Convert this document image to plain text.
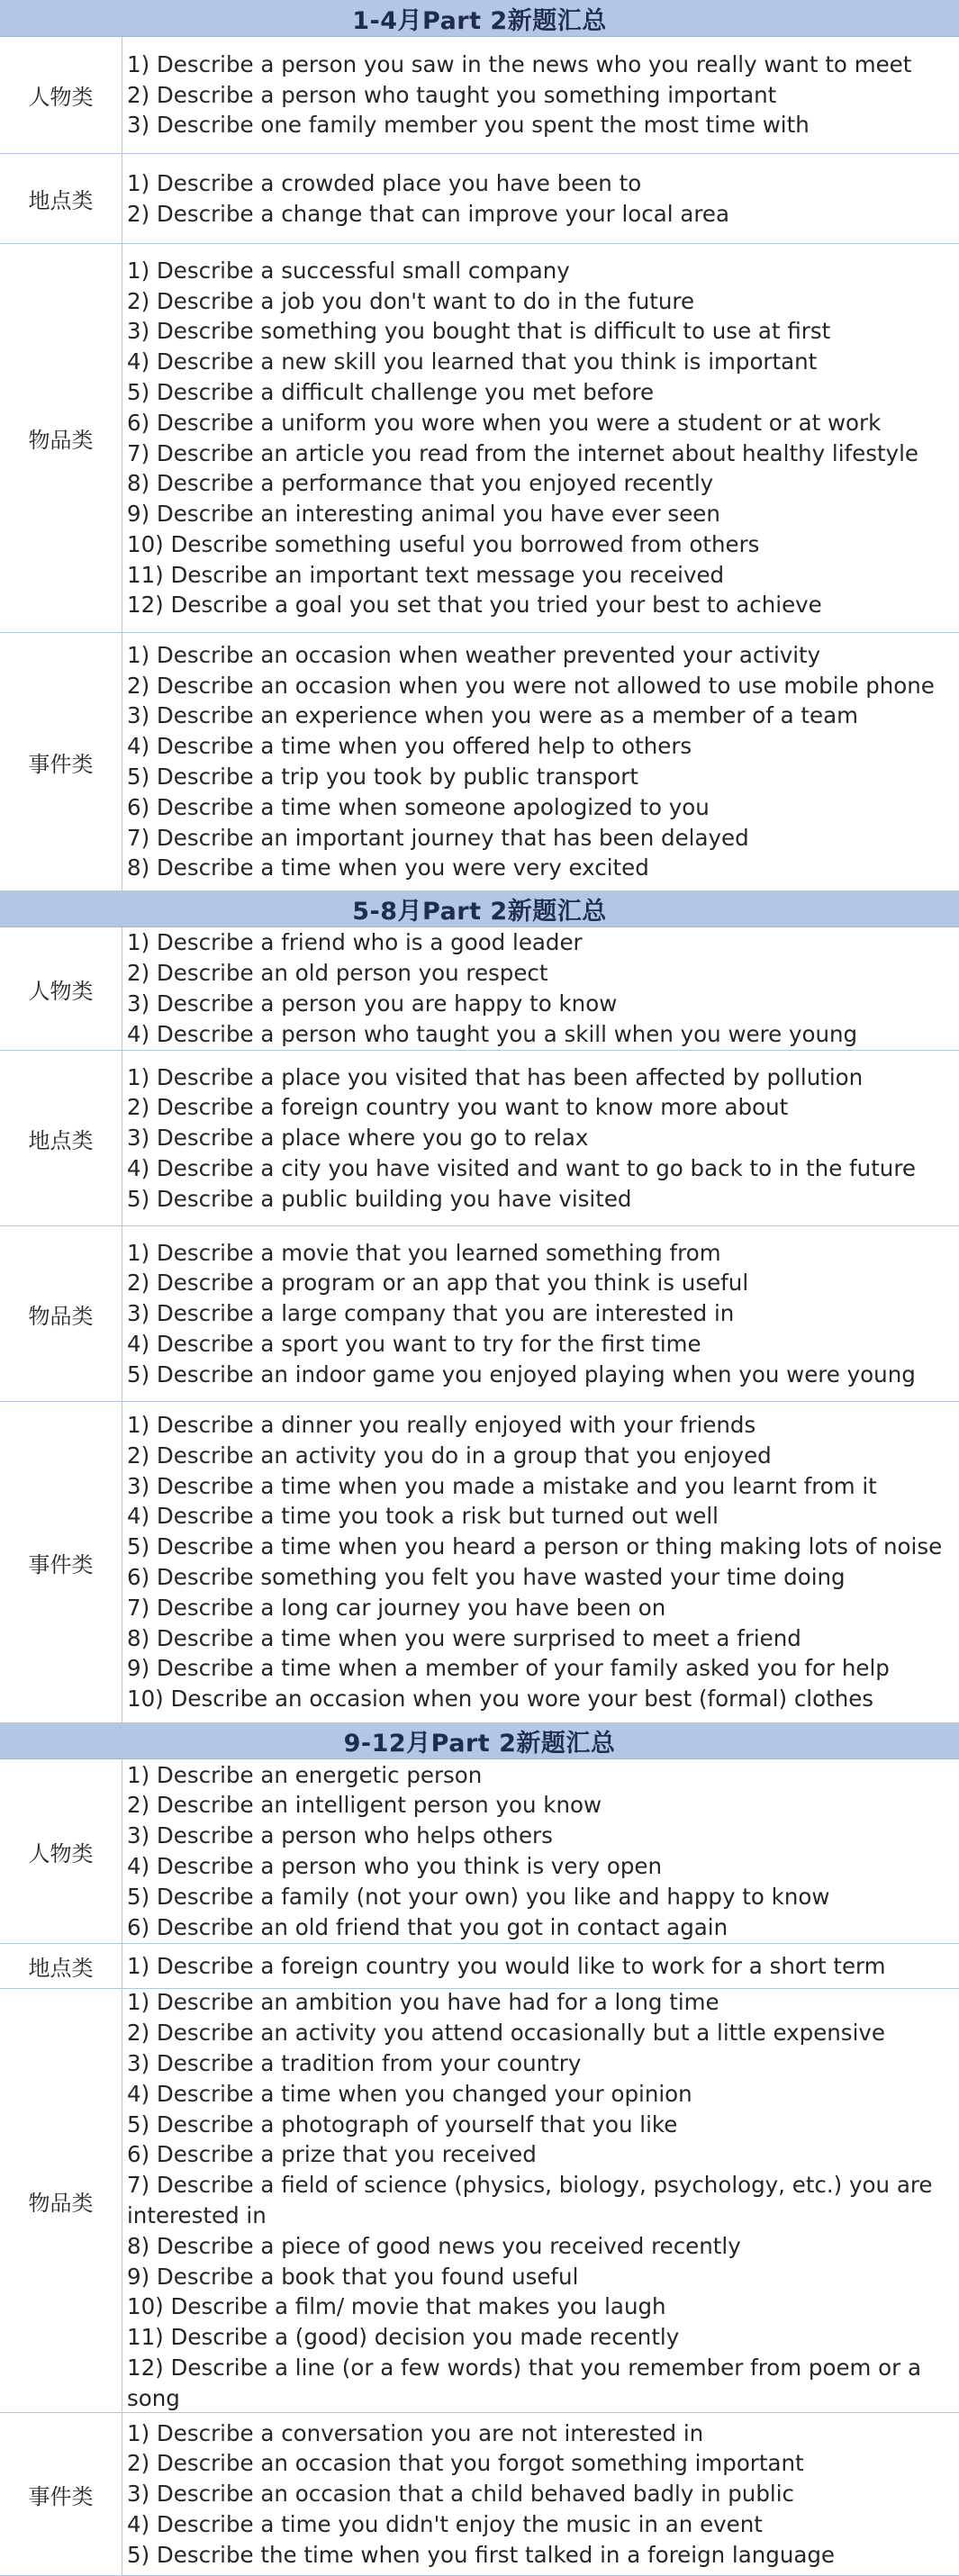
1-4月Part 2新题汇总
人物类
1) Describe a person you saw in the news who you really want to meet
2) Describe a person who taught you something important
3) Describe one family member you spent the most time with
地点类
1) Describe a crowded place you have been to
2) Describe a change that can improve your local area
物品类
1) Describe a successful small company
2) Describe a job you don't want to do in the future
3) Describe something you bought that is difficult to use at first
4) Describe a new skill you learned that you think is important
5) Describe a difficult challenge you met before
6) Describe a uniform you wore when you were a student or at work
7) Describe an article you read from the internet about healthy lifestyle
8) Describe a performance that you enjoyed recently
9) Describe an interesting animal you have ever seen
10) Describe something useful you borrowed from others
11) Describe an important text message you received
12) Describe a goal you set that you tried your best to achieve
事件类
1) Describe an occasion when weather prevented your activity
2) Describe an occasion when you were not allowed to use mobile phone
3) Describe an experience when you were as a member of a team
4) Describe a time when you offered help to others
5) Describe a trip you took by public transport
6) Describe a time when someone apologized to you
7) Describe an important journey that has been delayed
8) Describe a time when you were very excited
5-8月Part 2新题汇总
人物类
1) Describe a friend who is a good leader
2) Describe an old person you respect
3) Describe a person you are happy to know
4) Describe a person who taught you a skill when you were young
地点类
1) Describe a place you visited that has been affected by pollution
2) Describe a foreign country you want to know more about
3) Describe a place where you go to relax
4) Describe a city you have visited and want to go back to in the future
5) Describe a public building you have visited
物品类
1) Describe a movie that you learned something from
2) Describe a program or an app that you think is useful
3) Describe a large company that you are interested in
4) Describe a sport you want to try for the first time
5) Describe an indoor game you enjoyed playing when you were young
事件类
1) Describe a dinner you really enjoyed with your friends
2) Describe an activity you do in a group that you enjoyed
3) Describe a time when you made a mistake and you learnt from it
4) Describe a time you took a risk but turned out well
5) Describe a time when you heard a person or thing making lots of noise
6) Describe something you felt you have wasted your time doing
7) Describe a long car journey you have been on
8) Describe a time when you were surprised to meet a friend
9) Describe a time when a member of your family asked you for help
10) Describe an occasion when you wore your best (formal) clothes
9-12月Part 2新题汇总
人物类
1) Describe an energetic person
2) Describe an intelligent person you know
3) Describe a person who helps others
4) Describe a person who you think is very open
5) Describe a family (not your own) you like and happy to know
6) Describe an old friend that you got in contact again
地点类	1) Describe a foreign country you would like to work for a short term
物品类
1) Describe an ambition you have had for a long time
2) Describe an activity you attend occasionally but a little expensive
3) Describe a tradition from your country
4) Describe a time when you changed your opinion
5) Describe a photograph of yourself that you like
6) Describe a prize that you received
7) Describe a field of science (physics, biology, psychology, etc.) you are interested in
8) Describe a piece of good news you received recently
9) Describe a book that you found useful
10) Describe a film/ movie that makes you laugh
11) Describe a (good) decision you made recently
12) Describe a line (or a few words) that you remember from poem or a song
事件类
1) Describe a conversation you are not interested in
2) Describe an occasion that you forgot something important
3) Describe an occasion that a child behaved badly in public
4) Describe a time you didn't enjoy the music in an event
5) Describe the time when you first talked in a foreign language
